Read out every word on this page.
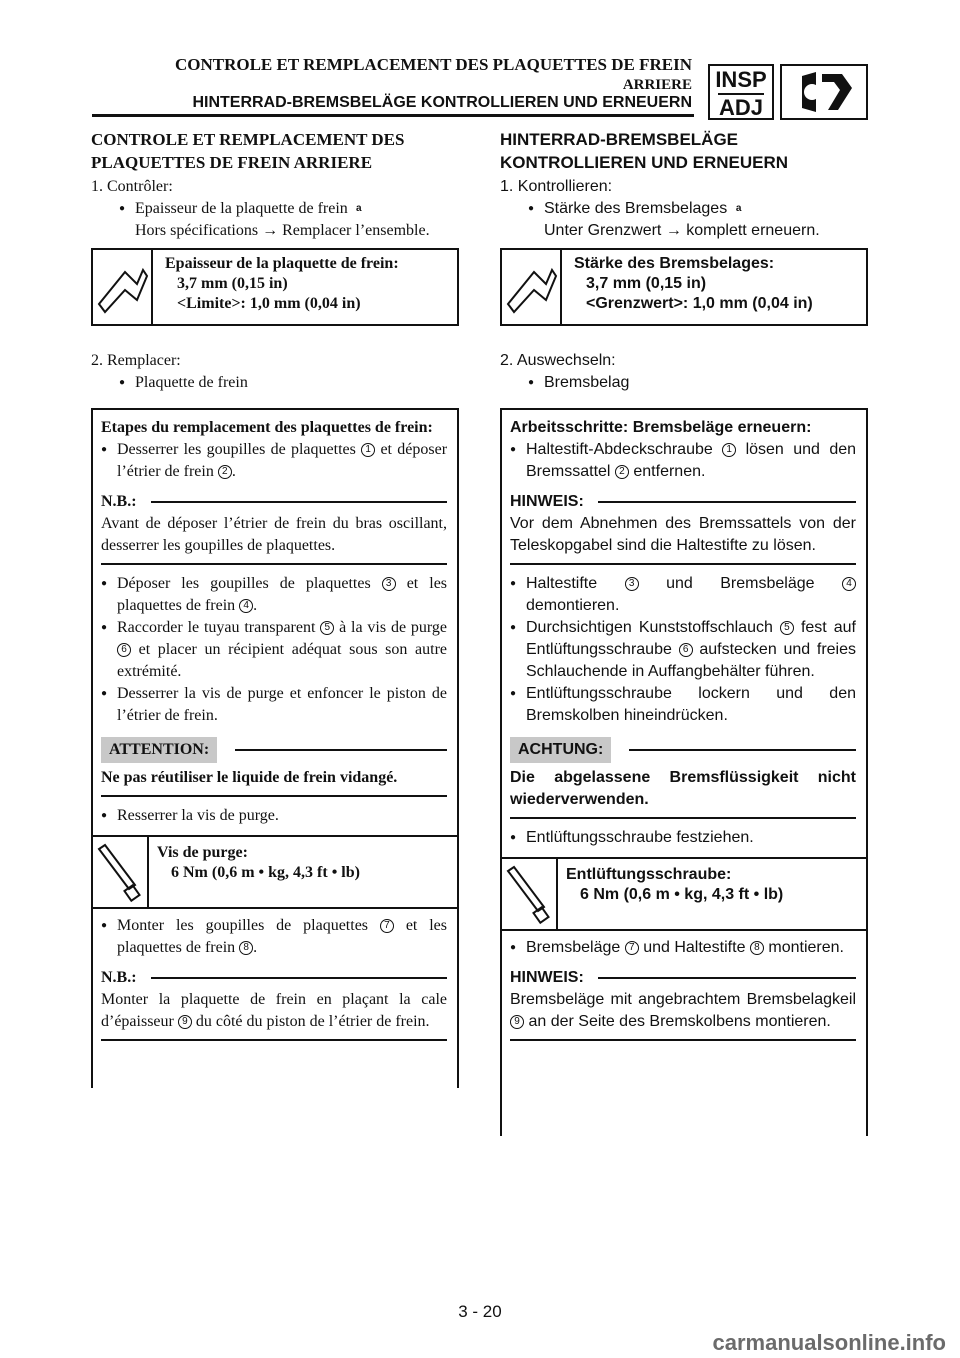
CONTROLE ET REMPLACEMENT DES PLAQUETTES DE FREIN
ARRIERE
HINTERRAD-BREMSBELÄGE KONTROLLIEREN UND ERNEUERN
INSP
ADJ
CONTROLE ET REMPLACEMENT DES
PLAQUETTES DE FREIN ARRIERE
1. Contrôler:
● Epaisseur de la plaquette de frein a
Hors spécifications → Remplacer l’ensemble.
Epaisseur de la plaquette de frein:
3,7 mm (0,15 in)
<Limite>: 1,0 mm (0,04 in)
2. Remplacer:
● Plaquette de frein
Etapes du remplacement des plaquettes de frein:
● Desserrer les goupilles de plaquettes 1 et déposer l’étrier de frein 2 .
N.B.:
Avant de déposer l’étrier de frein du bras oscillant, desserrer les goupilles de plaquettes.
● Déposer les goupilles de plaquettes 3 et les plaquettes de frein 4 .
● Raccorder le tuyau transparent 5 à la vis de purge 6 et placer un récipient adéquat sous son autre extrémité.
● Desserrer la vis de purge et enfoncer le piston de l’étrier de frein.
ATTENTION:
Ne pas réutiliser le liquide de frein vidangé.
● Resserrer la vis de purge.
Vis de purge:
6 Nm (0,6 m • kg, 4,3 ft • lb)
● Monter les goupilles de plaquettes 7 et les plaquettes de frein 8 .
N.B.:
Monter la plaquette de frein en plaçant la cale d’épaisseur 9 du côté du piston de l’étrier de frein.
HINTERRAD-BREMSBELÄGE
KONTROLLIEREN UND ERNEUERN
1. Kontrollieren:
● Stärke des Bremsbelages a
Unter Grenzwert → komplett erneuern.
Stärke des Bremsbelages:
3,7 mm (0,15 in)
<Grenzwert>: 1,0 mm (0,04 in)
2. Auswechseln:
● Bremsbelag
Arbeitsschritte: Bremsbeläge erneuern:
● Haltestift-Abdeckschraube 1 lösen und den Bremssattel 2 entfernen.
HINWEIS:
Vor dem Abnehmen des Bremssattels von der Teleskopgabel sind die Haltestifte zu lösen.
● Haltestifte	3 und Bremsbeläge	4 demontieren.
● Durchsichtigen Kunststoffschlauch 5 fest auf Entlüftungsschraube 6 aufstecken und freies Schlauchende in Auffangbehälter führen.
● Entlüftungsschraube lockern und den Bremskolben hineindrücken.
ACHTUNG:
Die abgelassene Bremsflüssigkeit nicht wiederverwenden.
● Entlüftungsschraube festziehen.
Entlüftungsschraube:
6 Nm (0,6 m • kg, 4,3 ft • lb)
● Bremsbeläge 7 und Haltestifte 8 montieren.
HINWEIS:
Bremsbeläge mit angebrachtem Bremsbelagkeil 9 an der Seite des Bremskolbens montieren.
3 - 20
carmanualsonline.info
